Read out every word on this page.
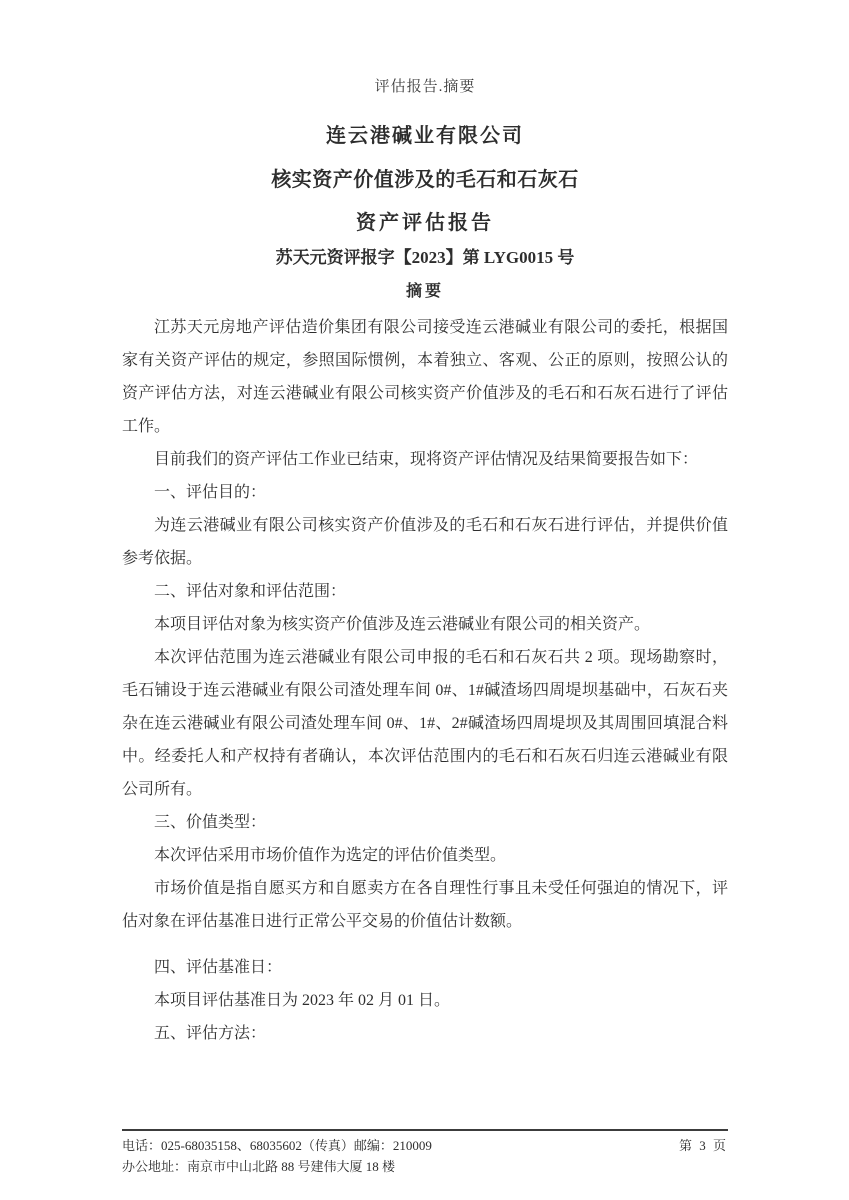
评估报告.摘要
连云港碱业有限公司
核实资产价值涉及的毛石和石灰石
资产评估报告
苏天元资评报字【2023】第 LYG0015 号
摘要

江苏天元房地产评估造价集团有限公司接受连云港碱业有限公司的委托，根据国家有关资产评估的规定，参照国际惯例，本着独立、客观、公正的原则，按照公认的资产评估方法，对连云港碱业有限公司核实资产价值涉及的毛石和石灰石进行了评估工作。

目前我们的资产评估工作业已结束，现将资产评估情况及结果简要报告如下：

一、评估目的：

为连云港碱业有限公司核实资产价值涉及的毛石和石灰石进行评估，并提供价值参考依据。

二、评估对象和评估范围：

本项目评估对象为核实资产价值涉及连云港碱业有限公司的相关资产。

本次评估范围为连云港碱业有限公司申报的毛石和石灰石共 2 项。现场勘察时，毛石铺设于连云港碱业有限公司渣处理车间 0#、1#碱渣场四周堤坝基础中，石灰石夹杂在连云港碱业有限公司渣处理车间 0#、1#、2#碱渣场四周堤坝及其周围回填混合料中。经委托人和产权持有者确认，本次评估范围内的毛石和石灰石归连云港碱业有限公司所有。

三、价值类型：

本次评估采用市场价值作为选定的评估价值类型。

市场价值是指自愿买方和自愿卖方在各自理性行事且未受任何强迫的情况下，评估对象在评估基准日进行正常公平交易的价值估计数额。

四、评估基准日：

本项目评估基准日为 2023 年 02 月 01 日。

五、评估方法：

电话：025-68035158、68035602（传真）邮编：210009
办公地址：南京市中山北路 88 号建伟大厦 18 楼
第 3 页
